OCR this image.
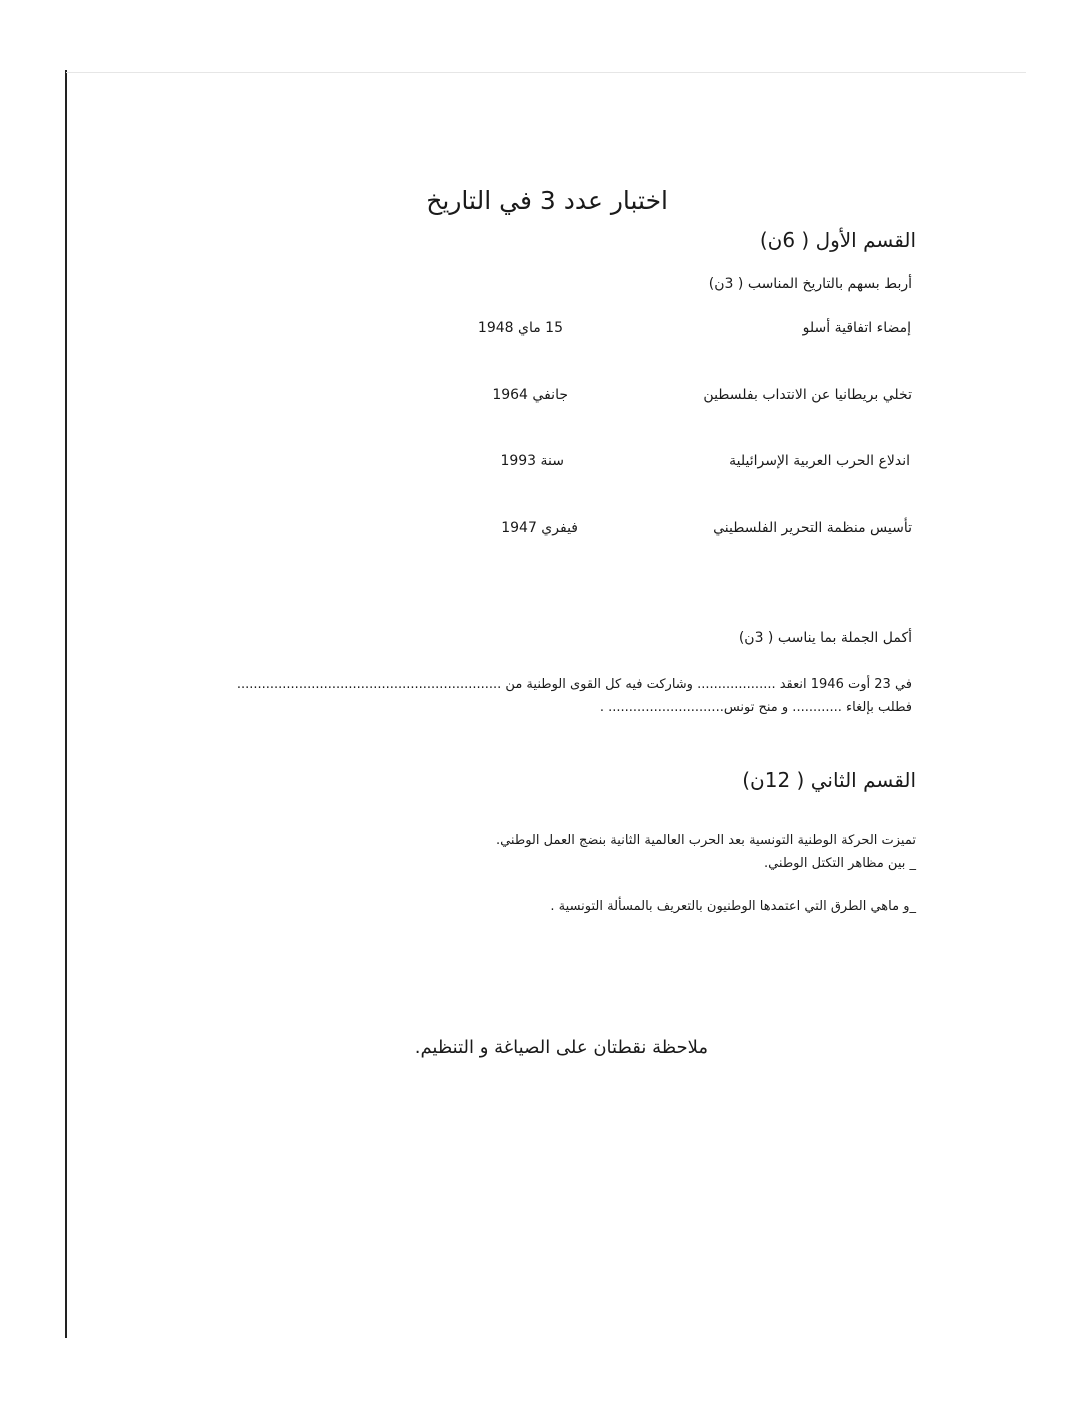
اختبار عدد 3 في التاريخ
القسم الأول ( 6ن)
أربط بسهم بالتاريخ المناسب ( 3ن)
إمضاء اتفاقية أسلو
15 ماي 1948
تخلي بريطانيا عن الانتداب بفلسطين
جانفي 1964
اندلاع الحرب العربية الإسرائيلية
سنة 1993
تأسيس منظمة التحرير الفلسطيني
فيفري 1947
أكمل الجملة بما يناسب ( 3ن)
في 23 أوت 1946 انعقد ................... وشاركت فيه كل القوى الوطنية من ................................................................
فطلب بإلغاء ............ و منح تونس............................ .
القسم الثاني ( 12ن)
تميزت الحركة الوطنية التونسية بعد الحرب العالمية الثانية بنضج العمل الوطني.
_ بين مظاهر التكتل الوطني.
_و ماهي الطرق التي اعتمدها الوطنيون بالتعريف بالمسألة التونسية .
ملاحظة نقطتان على الصياغة و التنظيم.
